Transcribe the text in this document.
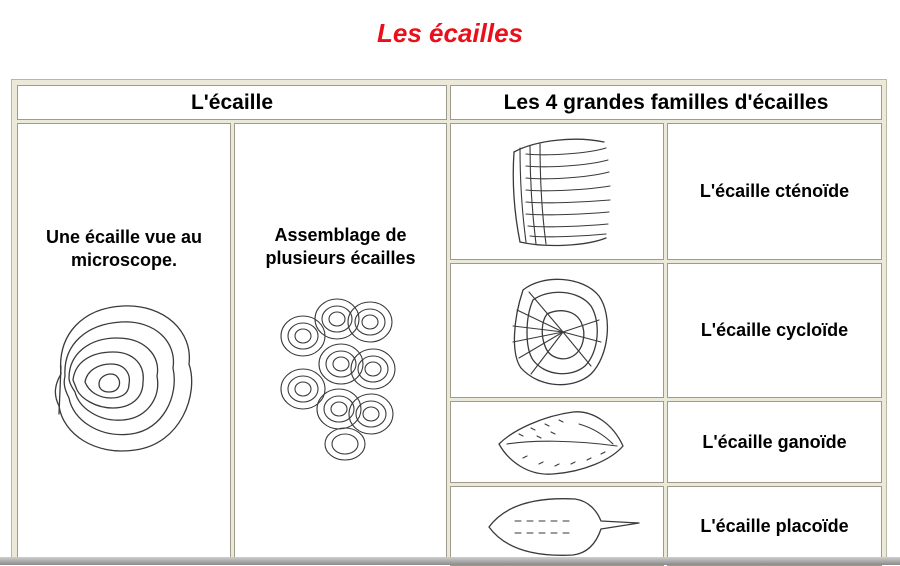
Les écailles
L'écaille	Les 4 grandes familles d'écailles
Une écaille vue au
microscope.
Assemblage de
plusieurs écailles
L'écaille cténoïde
L'écaille cycloïde
L'écaille ganoïde
L'écaille placoïde
